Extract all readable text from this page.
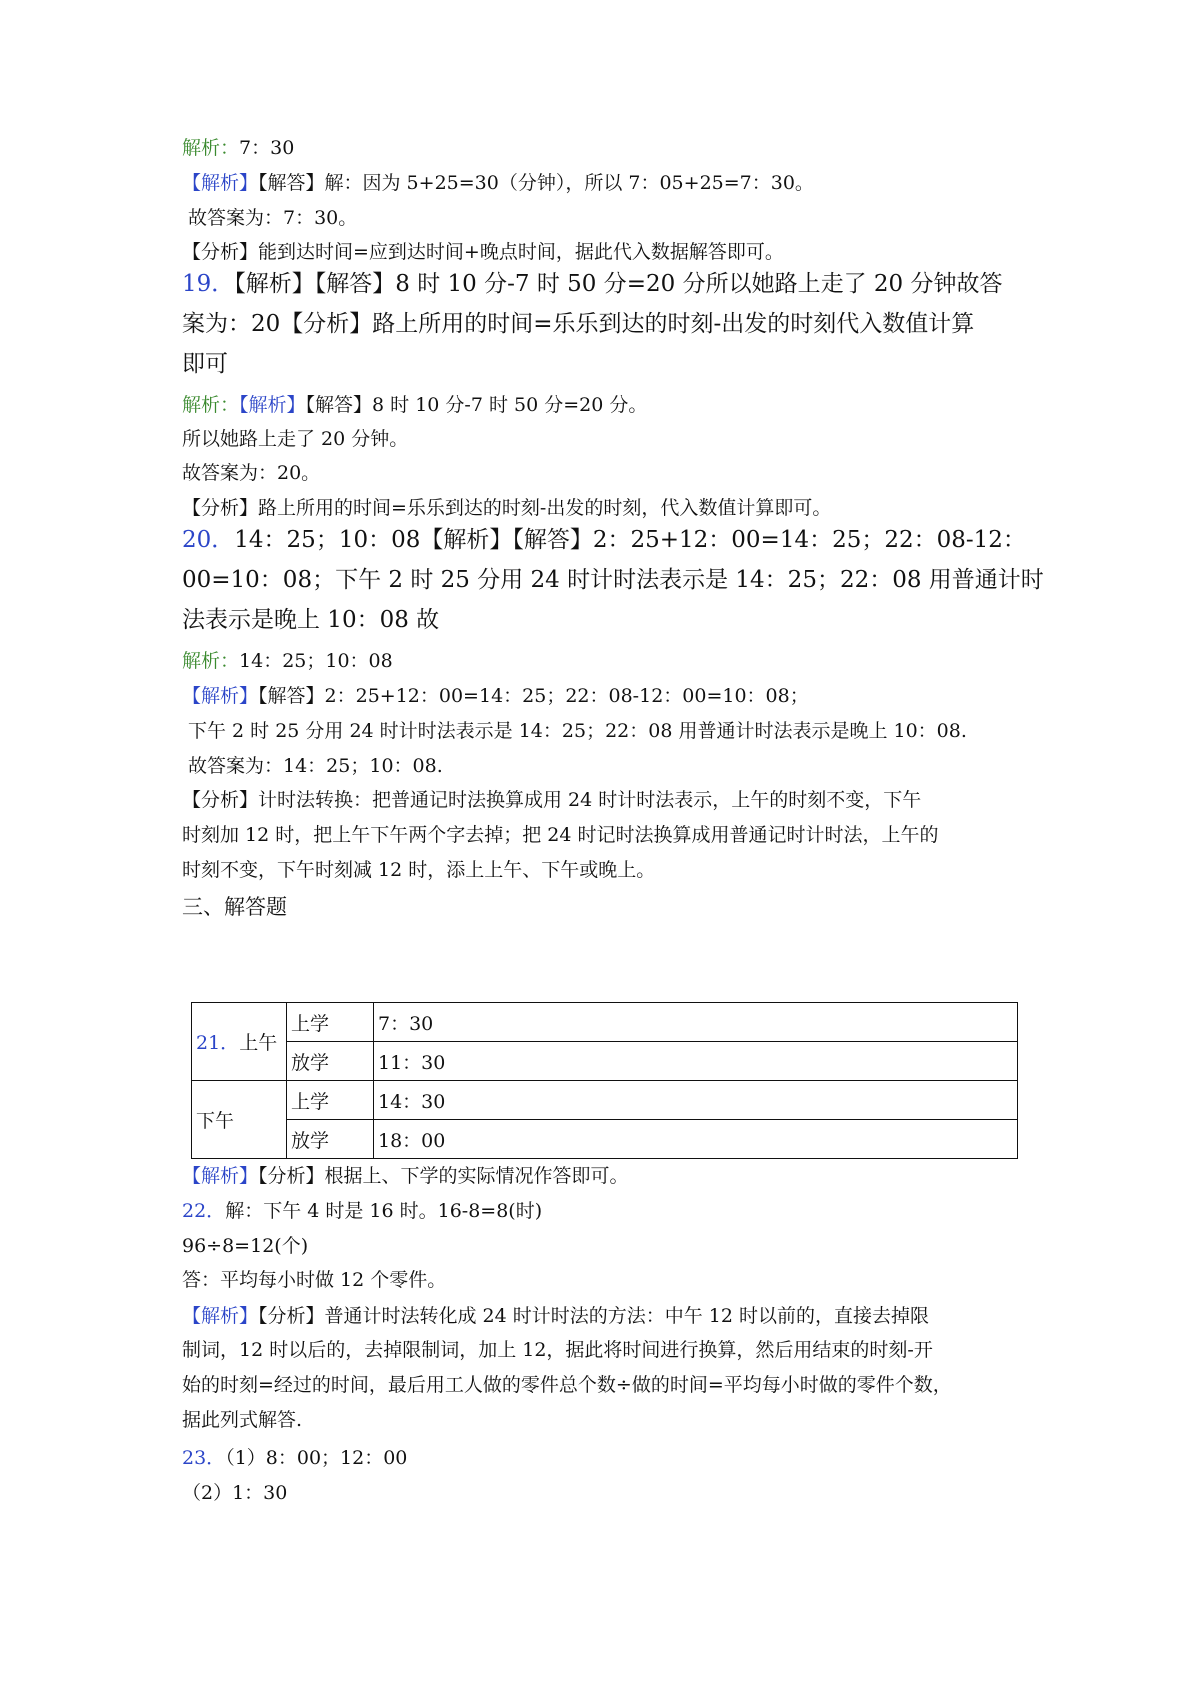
解析：7：30
【解析】【解答】解：因为 5+25=30（分钟），所以 7：05+25=7：30。
故答案为：7：30。
【分析】能到达时间=应到达时间+晚点时间，据此代入数据解答即可。
19．【解析】【解答】8 时 10 分-7 时 50 分=20 分所以她路上走了 20 分钟故答
案为：20【分析】路上所用的时间=乐乐到达的时刻-出发的时刻代入数值计算
即可
解析：【解析】【解答】8 时 10 分-7 时 50 分=20 分。
所以她路上走了 20 分钟。
故答案为：20。
【分析】路上所用的时间=乐乐到达的时刻-出发的时刻，代入数值计算即可。
20．14：25；10：08【解析】【解答】2：25+12：00=14：25；22：08-12：
00=10：08；下午 2 时 25 分用 24 时计时法表示是 14：25；22：08 用普通计时
法表示是晚上 10：08 故
解析：14：25；10：08
【解析】【解答】2：25+12：00=14：25；22：08-12：00=10：08；
下午 2 时 25 分用 24 时计时法表示是 14：25；22：08 用普通计时法表示是晚上 10：08.
故答案为：14：25；10：08.
【分析】计时法转换：把普通记时法换算成用 24 时计时法表示，上午的时刻不变，下午
时刻加 12 时，把上午下午两个字去掉；把 24 时记时法换算成用普通记时计时法，上午的
时刻不变，下午时刻减 12 时，添上上午、下午或晚上。
三、解答题
21．上午	上学	7：30
	放学	11：30
下午	上学	14：30
	放学	18：00
【解析】【分析】根据上、下学的实际情况作答即可。
22．解：下午 4 时是 16 时。16-8=8(时)
96÷8=12(个)
答：平均每小时做 12 个零件。
【解析】【分析】普通计时法转化成 24 时计时法的方法：中午 12 时以前的，直接去掉限
制词，12 时以后的，去掉限制词，加上 12，据此将时间进行换算，然后用结束的时刻-开
始的时刻=经过的时间，最后用工人做的零件总个数÷做的时间=平均每小时做的零件个数，
据此列式解答.
23．（1）8：00；12：00
（2）1：30
